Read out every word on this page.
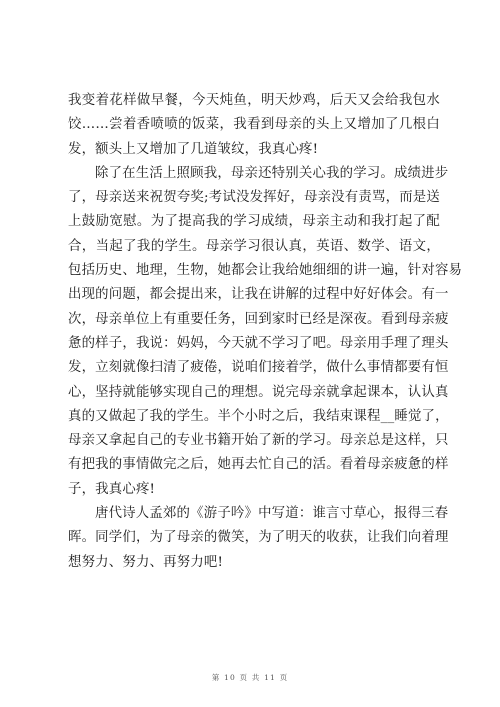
我变着花样做早餐，今天炖鱼，明天炒鸡，后天又会给我包水
饺……尝着香喷喷的饭菜，我看到母亲的头上又增加了几根白
发，额头上又增加了几道皱纹，我真心疼!
除了在生活上照顾我，母亲还特别关心我的学习。成绩进步
了，母亲送来祝贺夸奖;考试没发挥好，母亲没有责骂，而是送
上鼓励宽慰。为了提高我的学习成绩，母亲主动和我打起了配
合，当起了我的学生。母亲学习很认真，英语、数学、语文，
包括历史、地理，生物，她都会让我给她细细的讲一遍，针对容易
出现的问题，都会提出来，让我在讲解的过程中好好体会。有一
次，母亲单位上有重要任务，回到家时已经是深夜。看到母亲疲
惫的样子，我说：妈妈，今天就不学习了吧。母亲用手理了理头
发，立刻就像扫清了疲倦，说咱们接着学，做什么事情都要有恒
心，坚持就能够实现自己的理想。说完母亲就拿起课本，认认真
真的又做起了我的学生。半个小时之后，我结束课程__睡觉了，
母亲又拿起自己的专业书籍开始了新的学习。母亲总是这样，只
有把我的事情做完之后，她再去忙自己的活。看着母亲疲惫的样
子，我真心疼!
唐代诗人孟郊的《游子吟》中写道：谁言寸草心，报得三春
晖。同学们，为了母亲的微笑，为了明天的收获，让我们向着理
想努力、努力、再努力吧!
第 10 页 共 11 页
